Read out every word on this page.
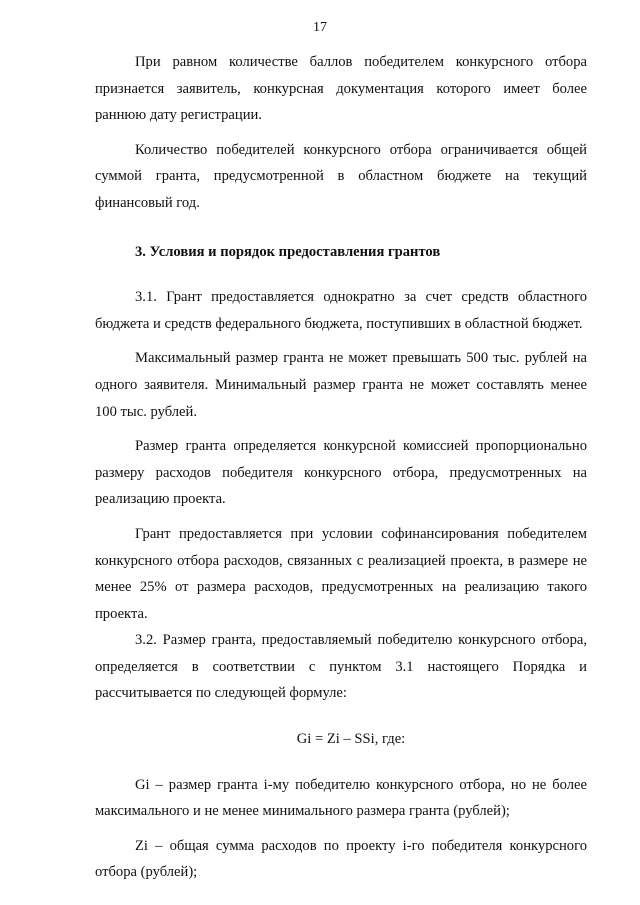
17

При равном количестве баллов победителем конкурсного отбора признается заявитель, конкурсная документация которого имеет более раннюю дату регистрации.

Количество победителей конкурсного отбора ограничивается общей суммой гранта, предусмотренной в областном бюджете на текущий финансовый год.

3. Условия и порядок предоставления грантов

3.1. Грант предоставляется однократно за счет средств областного бюджета и средств федерального бюджета, поступивших в областной бюджет.

Максимальный размер гранта не может превышать 500 тыс. рублей на одного заявителя. Минимальный размер гранта не может составлять менее 100 тыс. рублей.

Размер гранта определяется конкурсной комиссией пропорционально размеру расходов победителя конкурсного отбора, предусмотренных на реализацию проекта.

Грант предоставляется при условии софинансирования победителем конкурсного отбора расходов, связанных с реализацией проекта, в размере не менее 25% от размера расходов, предусмотренных на реализацию такого проекта.

3.2. Размер гранта, предоставляемый победителю конкурсного отбора, определяется в соответствии с пунктом 3.1 настоящего Порядка и рассчитывается по следующей формуле:

Gi = Zi – SSi, где:

Gi – размер гранта i-му победителю конкурсного отбора, но не более максимального и не менее минимального размера гранта (рублей);

Zi – общая сумма расходов по проекту i-го победителя конкурсного отбора (рублей);
